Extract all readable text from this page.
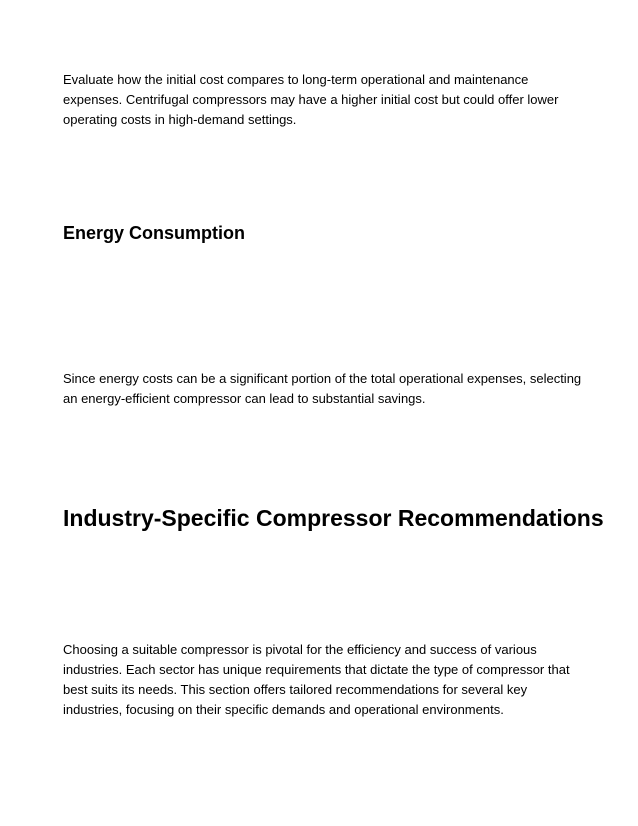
Evaluate how the initial cost compares to long-term operational and maintenance expenses. Centrifugal compressors may have a higher initial cost but could offer lower operating costs in high-demand settings.

Energy Consumption

Since energy costs can be a significant portion of the total operational expenses, selecting an energy-efficient compressor can lead to substantial savings.

Industry-Specific Compressor Recommendations

Choosing a suitable compressor is pivotal for the efficiency and success of various industries. Each sector has unique requirements that dictate the type of compressor that best suits its needs. This section offers tailored recommendations for several key industries, focusing on their specific demands and operational environments.
